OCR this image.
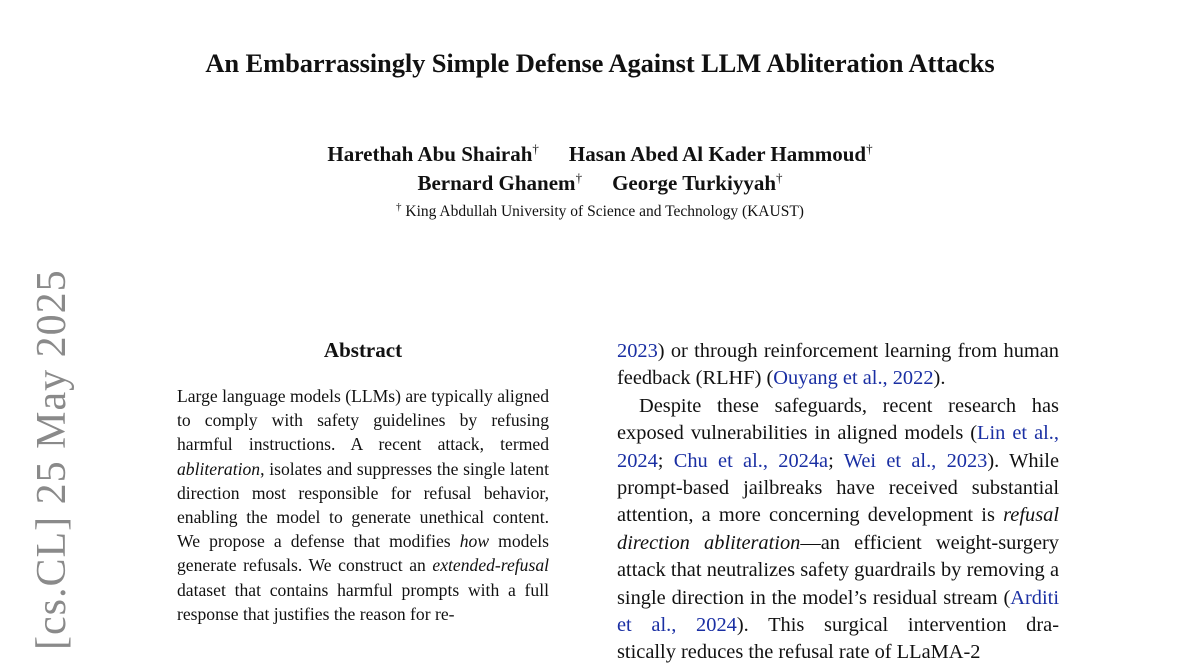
[cs.CL] 25 May 2025
An Embarrassingly Simple Defense Against LLM Abliteration Attacks
Harethah Abu Shairah† Hasan Abed Al Kader Hammoud†
Bernard Ghanem† George Turkiyyah†
† King Abdullah University of Science and Technology (KAUST)
Abstract
Large language models (LLMs) are typically aligned to comply with safety guidelines by refusing harmful instructions. A recent attack, termed abliteration, isolates and suppresses the single latent direction most responsible for refusal behavior, enabling the model to generate unethical content. We propose a defense that modifies how models generate refusals. We construct an extended-refusal dataset that contains harmful prompts with a full response that justifies the reason for re-

2023) or through reinforcement learning from human feedback (RLHF) (Ouyang et al., 2022).

Despite these safeguards, recent research has exposed vulnerabilities in aligned models (Lin et al., 2024; Chu et al., 2024a; Wei et al., 2023). While prompt-based jailbreaks have received substantial attention, a more concerning development is refusal direction abliteration—an efficient weight-surgery attack that neutralizes safety guardrails by removing a single direction in the model’s residual stream (Arditi et al., 2024). This surgical intervention dra- stically reduces the refusal rate of LLaMA-2
